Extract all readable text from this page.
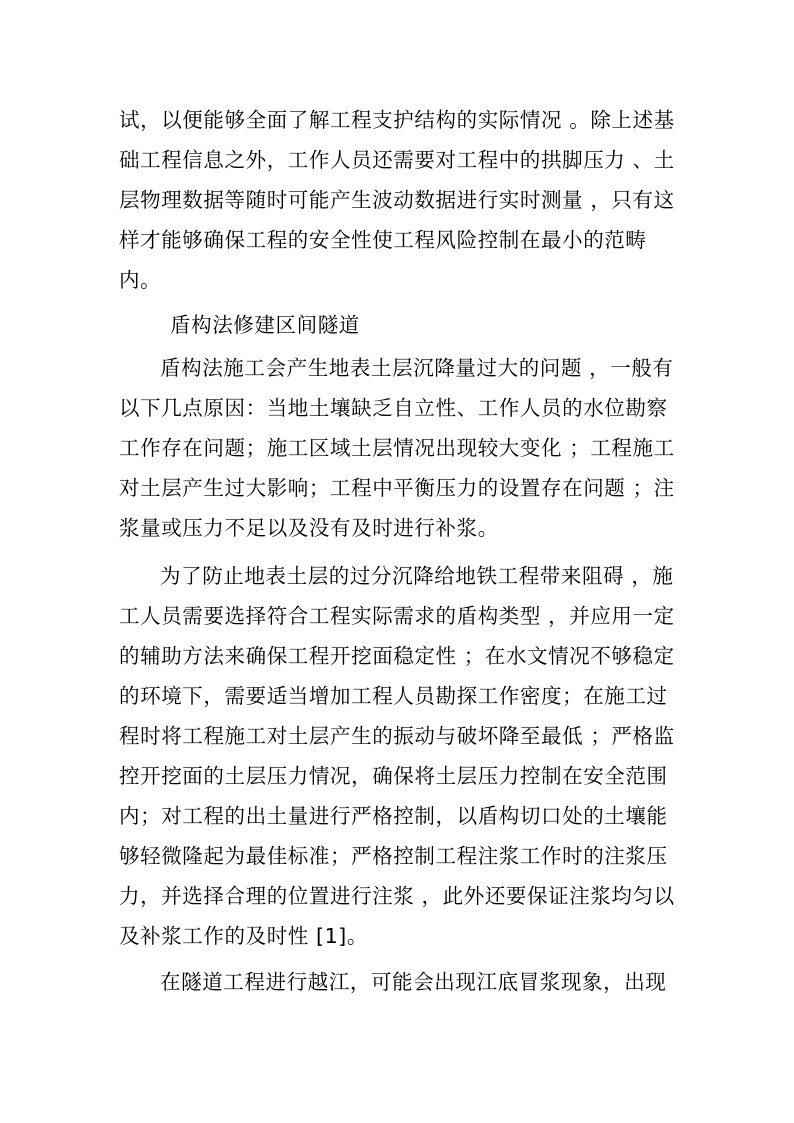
试，以便能够全面了解工程支护结构的实际情况 。除上述基
础工程信息之外，工作人员还需要对工程中的拱脚压力 、土
层物理数据等随时可能产生波动数据进行实时测量 ，只有这
样才能够确保工程的安全性使工程风险控制在最小的范畴
内。
盾构法修建区间隧道
盾构法施工会产生地表土层沉降量过大的问题 ，一般有
以下几点原因：当地土壤缺乏自立性、工作人员的水位勘察
工作存在问题；施工区域土层情况出现较大变化 ；工程施工
对土层产生过大影响；工程中平衡压力的设置存在问题 ；注
浆量或压力不足以及没有及时进行补浆。
为了防止地表土层的过分沉降给地铁工程带来阻碍 ，施
工人员需要选择符合工程实际需求的盾构类型 ，并应用一定
的辅助方法来确保工程开挖面稳定性 ；在水文情况不够稳定
的环境下，需要适当增加工程人员勘探工作密度；在施工过
程时将工程施工对土层产生的振动与破坏降至最低 ；严格监
控开挖面的土层压力情况，确保将土层压力控制在安全范围
内；对工程的出土量进行严格控制，以盾构切口处的土壤能
够轻微隆起为最佳标准；严格控制工程注浆工作时的注浆压
力，并选择合理的位置进行注浆 ，此外还要保证注浆均匀以
及补浆工作的及时性 [1]。
在隧道工程进行越江，可能会出现江底冒浆现象，出现
